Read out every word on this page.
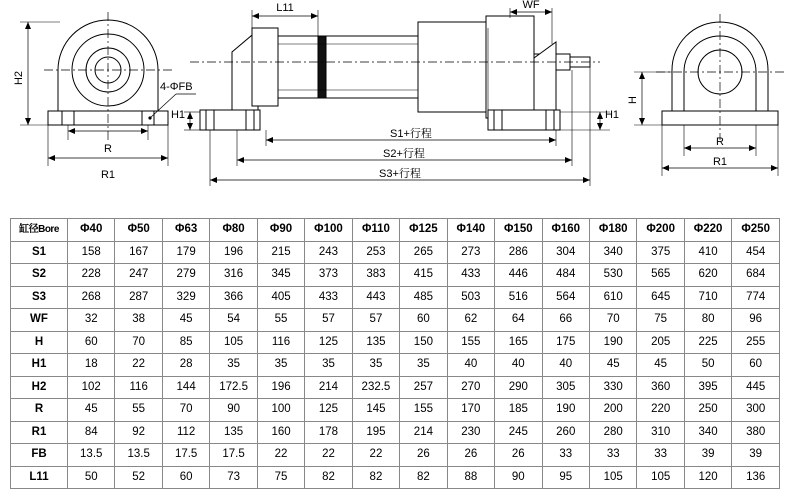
H2
4-ΦFB
R
R1
L11	WF
H1	H1
S1+行程
S2+行程
S3+行程
H
R
R1
缸径Bore	Φ40	Φ50	Φ63	Φ80	Φ90	Φ100	Φ110	Φ125	Φ140	Φ150	Φ160	Φ180	Φ200	Φ220	Φ250
S1	158	167	179	196	215	243	253	265	273	286	304	340	375	410	454
S2	228	247	279	316	345	373	383	415	433	446	484	530	565	620	684
S3	268	287	329	366	405	433	443	485	503	516	564	610	645	710	774
WF	32	38	45	54	55	57	57	60	62	64	66	70	75	80	96
H	60	70	85	105	116	125	135	150	155	165	175	190	205	225	255
H1	18	22	28	35	35	35	35	35	40	40	40	45	45	50	60
H2	102	116	144	172.5	196	214	232.5	257	270	290	305	330	360	395	445
R	45	55	70	90	100	125	145	155	170	185	190	200	220	250	300
R1	84	92	112	135	160	178	195	214	230	245	260	280	310	340	380
FB	13.5	13.5	17.5	17.5	22	22	22	26	26	26	33	33	33	39	39
L11	50	52	60	73	75	82	82	82	88	90	95	105	105	120	136
